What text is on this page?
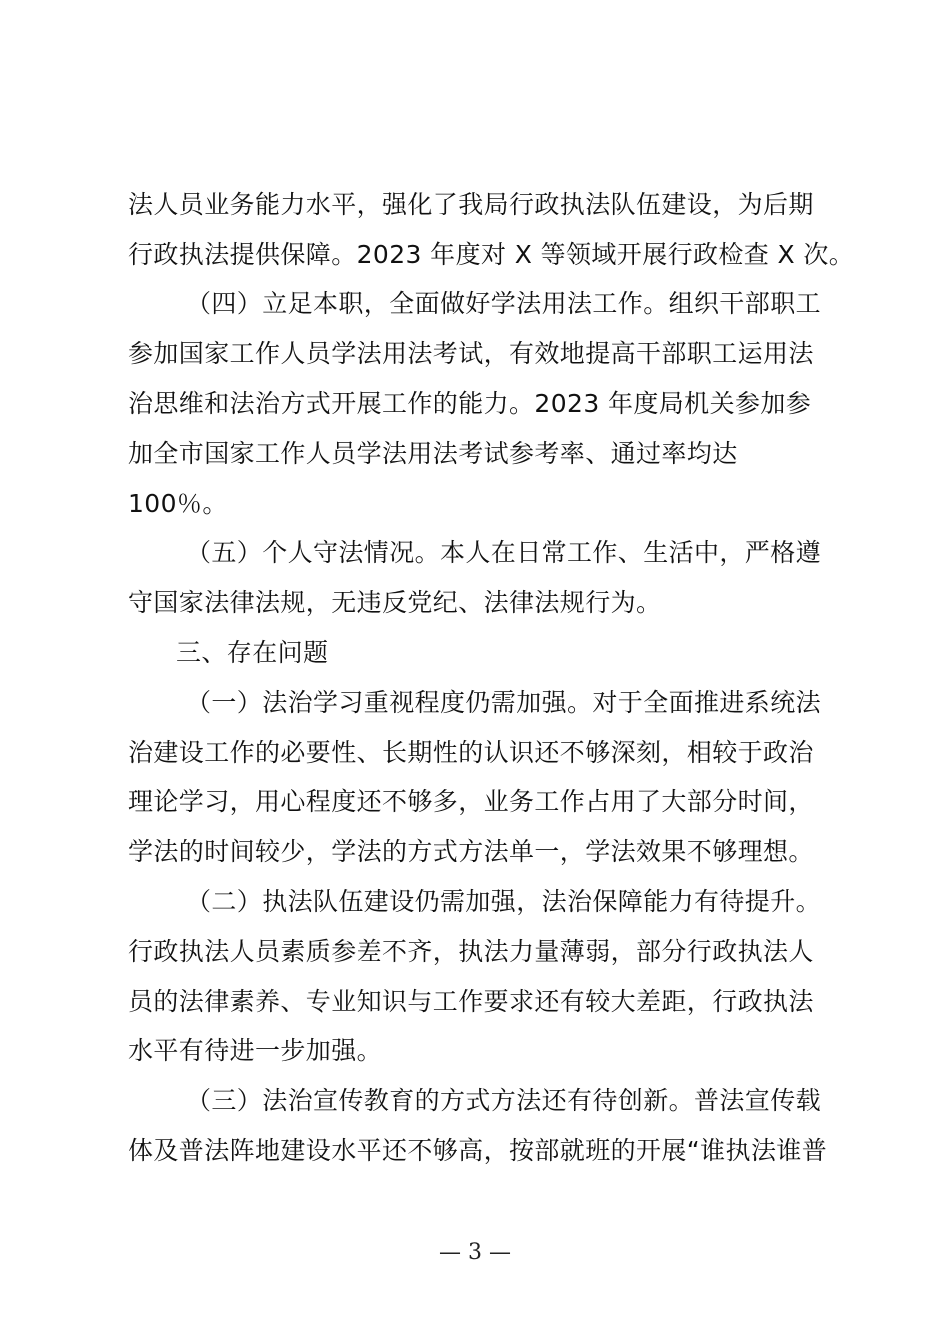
法人员业务能力水平，强化了我局行政执法队伍建设，为后期
行政执法提供保障。2023 年度对 X 等领域开展行政检查 X 次。
（四）立足本职，全面做好学法用法工作。组织干部职工
参加国家工作人员学法用法考试，有效地提高干部职工运用法
治思维和法治方式开展工作的能力。2023 年度局机关参加参
加全市国家工作人员学法用法考试参考率、通过率均达
100％。
（五）个人守法情况。本人在日常工作、生活中，严格遵
守国家法律法规，无违反党纪、法律法规行为。
三、存在问题
（一）法治学习重视程度仍需加强。对于全面推进系统法
治建设工作的必要性、长期性的认识还不够深刻，相较于政治
理论学习，用心程度还不够多，业务工作占用了大部分时间，
学法的时间较少，学法的方式方法单一，学法效果不够理想。
（二）执法队伍建设仍需加强，法治保障能力有待提升。
行政执法人员素质参差不齐，执法力量薄弱，部分行政执法人
员的法律素养、专业知识与工作要求还有较大差距，行政执法
水平有待进一步加强。
（三）法治宣传教育的方式方法还有待创新。普法宣传载
体及普法阵地建设水平还不够高，按部就班的开展“谁执法谁普
— 3 —
